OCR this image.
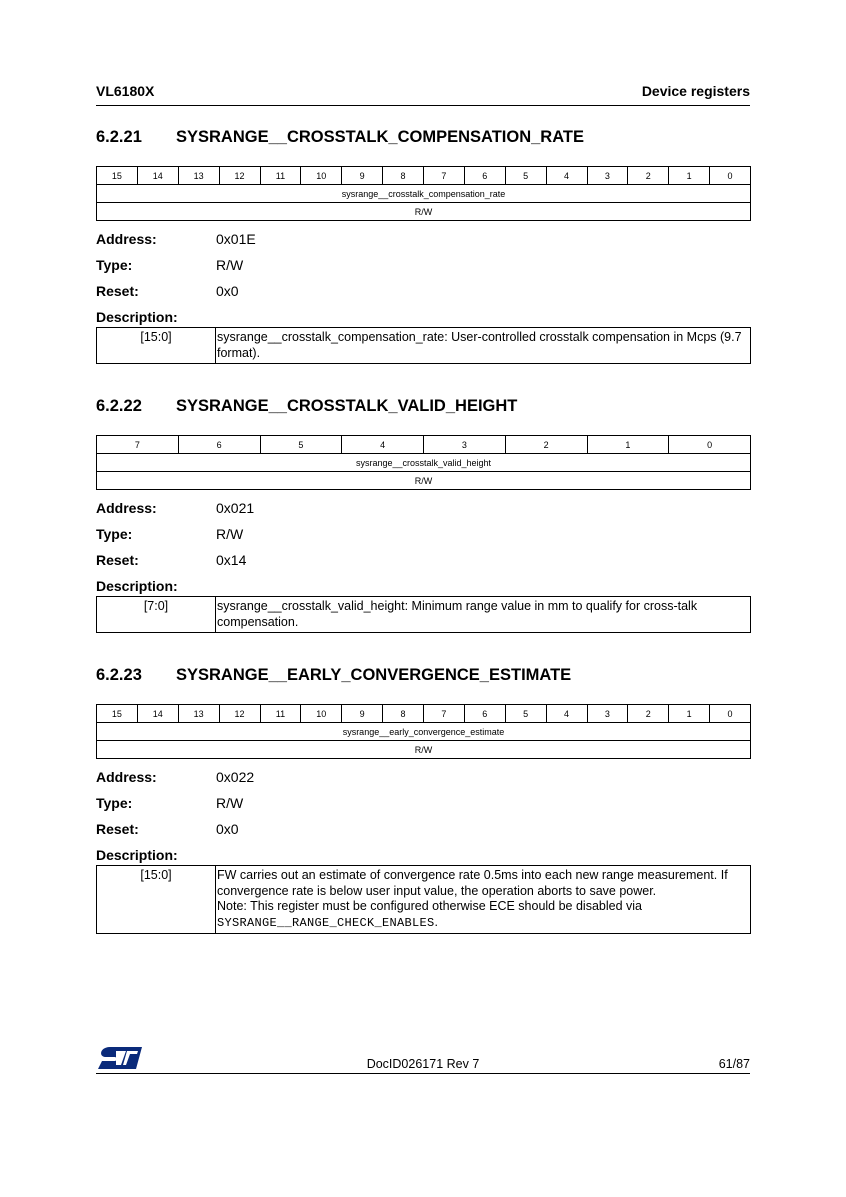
VL6180X	Device registers
6.2.21 SYSRANGE__CROSSTALK_COMPENSATION_RATE
15	14	13	12	11	10	9	8	7	6	5	4	3	2	1	0
sysrange__crosstalk_compensation_rate
R/W
Address:	0x01E
Type:	R/W
Reset:	0x0
Description:
[15:0]	sysrange__crosstalk_compensation_rate: User-controlled crosstalk compensation in Mcps (9.7 format).
6.2.22 SYSRANGE__CROSSTALK_VALID_HEIGHT
7	6	5	4	3	2	1	0
sysrange__crosstalk_valid_height
R/W
Address:	0x021
Type:	R/W
Reset:	0x14
Description:
[7:0]	sysrange__crosstalk_valid_height: Minimum range value in mm to qualify for cross-talk compensation.
6.2.23 SYSRANGE__EARLY_CONVERGENCE_ESTIMATE
15	14	13	12	11	10	9	8	7	6	5	4	3	2	1	0
sysrange__early_convergence_estimate
R/W
Address:	0x022
Type:	R/W
Reset:	0x0
Description:
[15:0]	FW carries out an estimate of convergence rate 0.5ms into each new range measurement. If convergence rate is below user input value, the operation aborts to save power.
Note: This register must be configured otherwise ECE should be disabled via
SYSRANGE__RANGE_CHECK_ENABLES.
DocID026171 Rev 7	61/87
